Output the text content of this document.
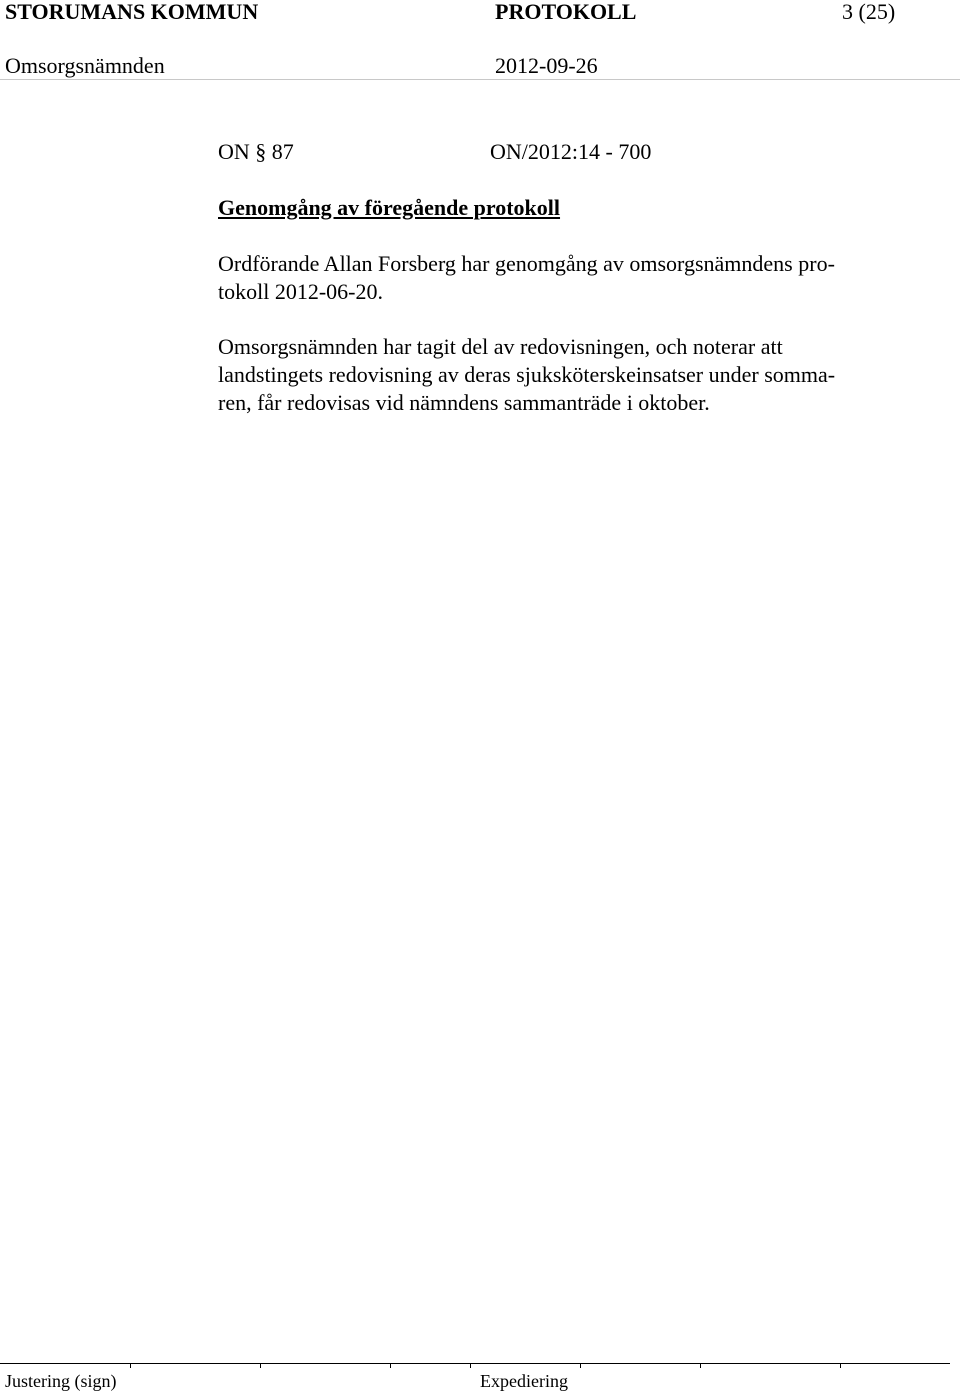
STORUMANS KOMMUN	PROTOKOLL	3 (25)
Omsorgsnämnden	2012-09-26
ON § 87	ON/2012:14 - 700
Genomgång av föregående protokoll
Ordförande Allan Forsberg har genomgång av omsorgsnämndens pro-
tokoll 2012-06-20.
Omsorgsnämnden har tagit del av redovisningen, och noterar att
landstingets redovisning av deras sjuksköterskeinsatser under somma-
ren, får redovisas vid nämndens sammanträde i oktober.
Justering (sign)	Expediering
